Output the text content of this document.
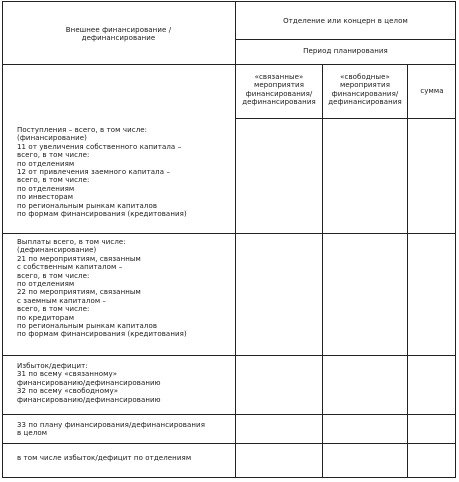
Внешнее финансирование /
дефинансирование
Отделение или концерн в целом
Период планирования
«связанные»
мероприятия
финансирования/
дефинансирования
«свободные»
мероприятия
финансирования/
дефинансирования
сумма
Поступления – всего, в том числе:
(финансирование)
11 от увеличения собственного капитала –
всего, в том числе:
по отделениям
12 от привлечения заемного капитала –
всего, в том числе:
по отделениям
по инвесторам
по региональным рынкам капиталов
по формам финансирования (кредитования)
Выплаты всего, в том числе:
(дефинансирование)
21 по мероприятиям, связанным
с собственным капиталом –
всего, в том числе:
по отделениям
22 по мероприятиям, связанным
с заемным капиталом –
всего, в том числе:
по кредиторам
по региональным рынкам капиталов
по формам финансирования (кредитования)
Избыток/дефицит:
31 по всему «связанному»
финансированию/дефинансированию
32 по всему «свободному»
финансированию/дефинансированию
33 по плану финансирования/дефинансирования
в целом
в том числе избыток/дефицит по отделениям
